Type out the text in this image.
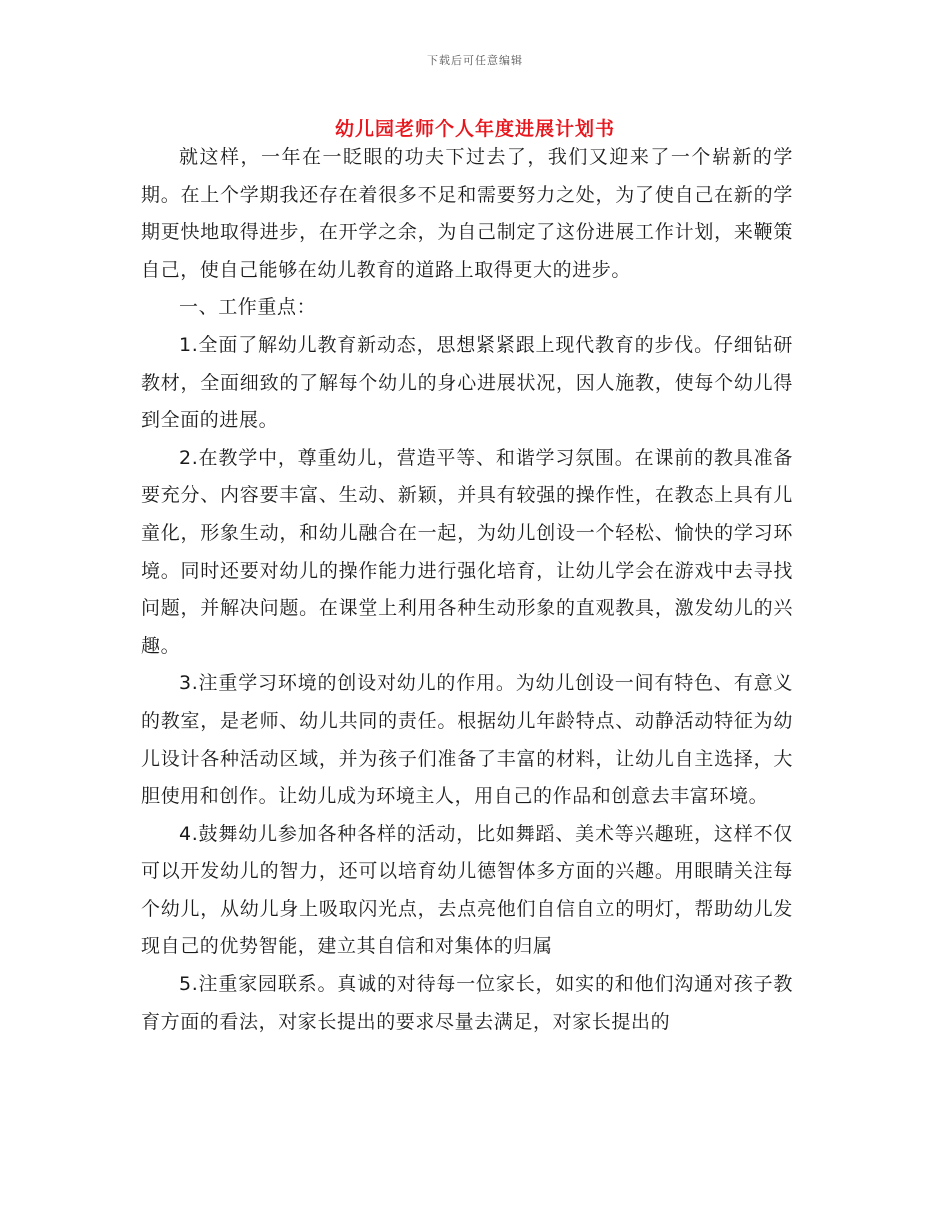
下载后可任意编辑
幼儿园老师个人年度进展计划书

就这样，一年在一眨眼的功夫下过去了，我们又迎来了一个崭新的学期。在上个学期我还存在着很多不足和需要努力之处，为了使自己在新的学期更快地取得进步，在开学之余，为自己制定了这份进展工作计划，来鞭策自己，使自己能够在幼儿教育的道路上取得更大的进步。

一、工作重点：

1.全面了解幼儿教育新动态，思想紧紧跟上现代教育的步伐。仔细钻研教材，全面细致的了解每个幼儿的身心进展状况，因人施教，使每个幼儿得到全面的进展。

2.在教学中，尊重幼儿，营造平等、和谐学习氛围。在课前的教具准备要充分、内容要丰富、生动、新颖，并具有较强的操作性，在教态上具有儿童化，形象生动，和幼儿融合在一起，为幼儿创设一个轻松、愉快的学习环境。同时还要对幼儿的操作能力进行强化培育，让幼儿学会在游戏中去寻找问题，并解决问题。在课堂上利用各种生动形象的直观教具，激发幼儿的兴趣。

3.注重学习环境的创设对幼儿的作用。为幼儿创设一间有特色、有意义的教室，是老师、幼儿共同的责任。根据幼儿年龄特点、动静活动特征为幼儿设计各种活动区域，并为孩子们准备了丰富的材料，让幼儿自主选择，大胆使用和创作。让幼儿成为环境主人，用自己的作品和创意去丰富环境。

4.鼓舞幼儿参加各种各样的活动，比如舞蹈、美术等兴趣班，这样不仅可以开发幼儿的智力，还可以培育幼儿德智体多方面的兴趣。用眼睛关注每个幼儿，从幼儿身上吸取闪光点，去点亮他们自信自立的明灯，帮助幼儿发现自己的优势智能，建立其自信和对集体的归属

5.注重家园联系。真诚的对待每一位家长，如实的和他们沟通对孩子教育方面的看法，对家长提出的要求尽量去满足，对家长提出的
